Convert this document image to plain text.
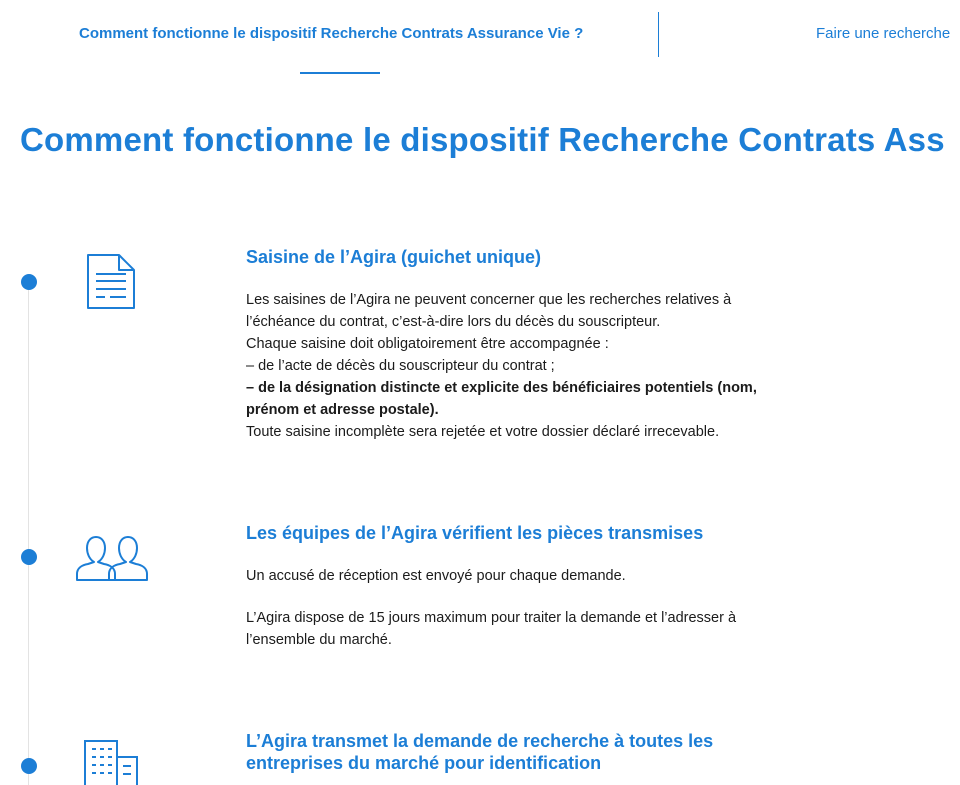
Comment fonctionne le dispositif Recherche Contrats Assurance Vie ?	Faire une recherche
Comment fonctionne le dispositif Recherche Contrats Ass
Saisine de l’Agira (guichet unique)

Les saisines de l’Agira ne peuvent concerner que les recherches relatives à

l’échéance du contrat, c’est-à-dire lors du décès du souscripteur.

Chaque saisine doit obligatoirement être accompagnée :

– de l’acte de décès du souscripteur du contrat ;

– de la désignation distincte et explicite des bénéficiaires potentiels (nom,

prénom et adresse postale).

Toute saisine incomplète sera rejetée et votre dossier déclaré irrecevable.

Les équipes de l’Agira vérifient les pièces transmises

Un accusé de réception est envoyé pour chaque demande.

L’Agira dispose de 15 jours maximum pour traiter la demande et l’adresser à

l’ensemble du marché.

L’Agira transmet la demande de recherche à toutes les
entreprises du marché pour identification
